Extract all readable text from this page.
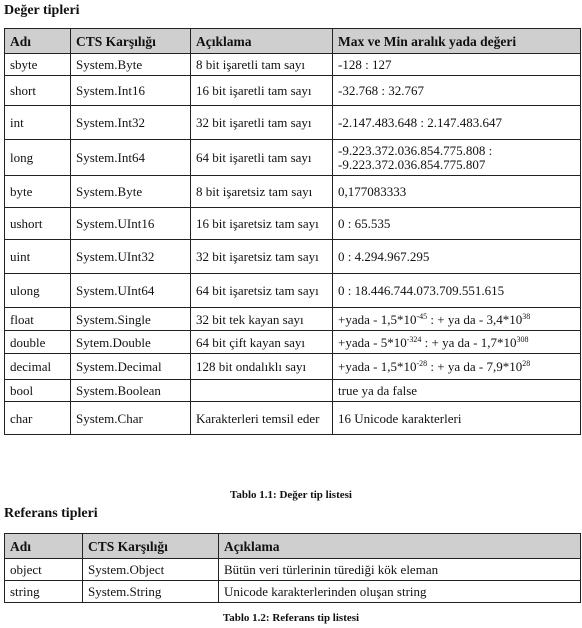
Değer tipleri
Adı	CTS Karşılığı	Açıklama	Max ve Min aralık yada değeri
sbyte	System.Byte	8 bit işaretli tam sayı	-128 : 127
short	System.Int16	16 bit işaretli tam sayı	-32.768 : 32.767
int	System.Int32	32 bit işaretli tam sayı	-2.147.483.648 : 2.147.483.647
long	System.Int64	64 bit işaretli tam sayı	-9.223.372.036.854.775.808 : -9.223.372.036.854.775.807
byte	System.Byte	8 bit işaretsiz tam sayı	0,177083333
ushort	System.UInt16	16 bit işaretsiz tam sayı	0 : 65.535
uint	System.UInt32	32 bit işaretsiz tam sayı	0 : 4.294.967.295
ulong	System.UInt64	64 bit işaretsiz tam sayı	0 : 18.446.744.073.709.551.615
float	System.Single	32 bit tek kayan sayı	+yada - $1,5*10^{-45}$ : + ya da - $3,4*10^{38}$
double	Sytem.Double	64 bit çift kayan sayı	+yada - $5*10^{-324}$ : + ya da - $1,7*10^{308}$
decimal	System.Decimal	128 bit ondalıklı sayı	+yada - $1,5*10^{-28}$ : + ya da - $7,9*10^{28}$
bool	System.Boolean		true ya da false
char	System.Char	Karakterleri temsil eder	16 Unicode karakterleri
Tablo 1.1: Değer tip listesi
Referans tipleri
Adı	CTS Karşılığı	Açıklama
object	System.Object	Bütün veri türlerinin türediği kök eleman
string	System.String	Unicode karakterlerinden oluşan string
Tablo 1.2: Referans tip listesi
